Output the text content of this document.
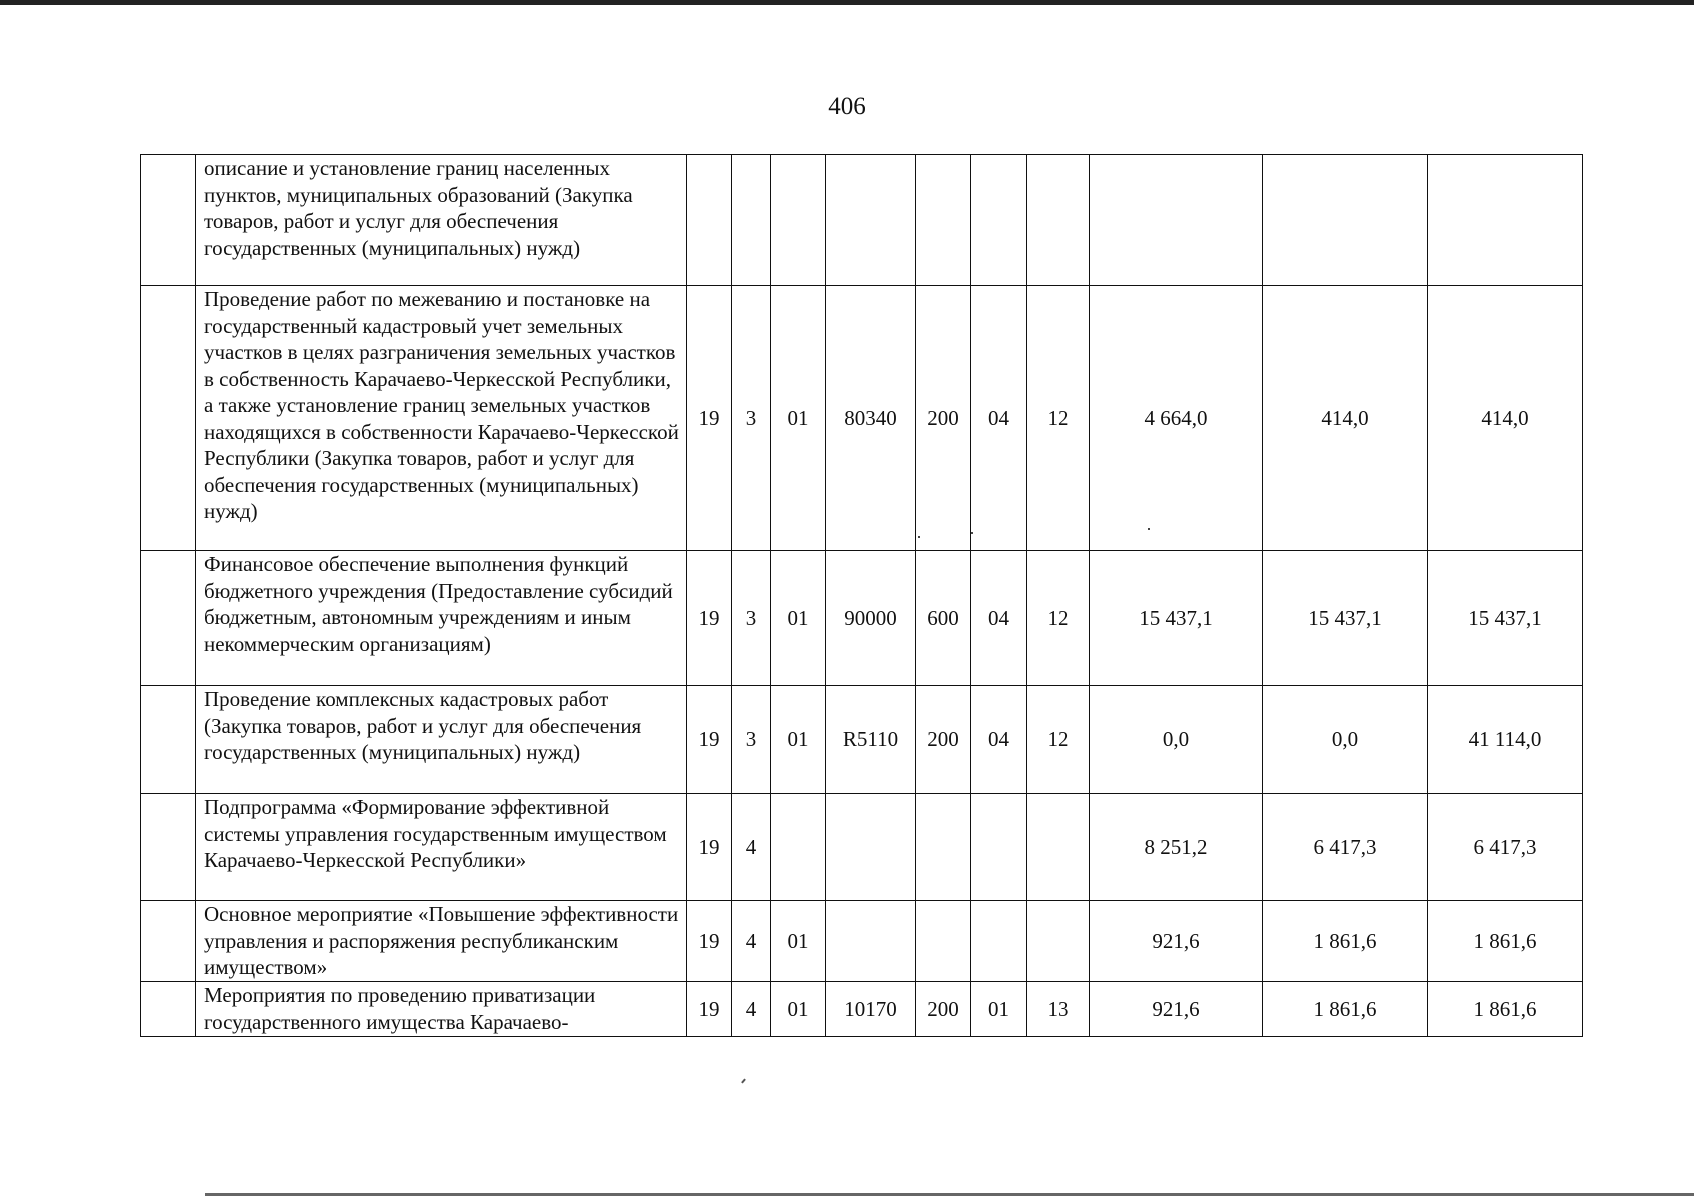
406
	описание и установление границ населенных пунктов, муниципальных образований (Закупка товаров, работ и услуг для обеспечения государственных (муниципальных) нужд)										
	Проведение работ по межеванию и постановке на государственный кадастровый учет земельных участков в целях разграничения земельных участков в собственность Карачаево-Черкесской Республики, а также установление границ земельных участков находящихся в собственности Карачаево-Черкесской Республики (Закупка товаров, работ и услуг для обеспечения государственных (муниципальных) нужд)	19	3	01	80340	200	04	12	4 664,0	414,0	414,0
	Финансовое обеспечение выполнения функций бюджетного учреждения (Предоставление субсидий бюджетным, автономным учреждениям и иным некоммерческим организациям)	19	3	01	90000	600	04	12	15 437,1	15 437,1	15 437,1
	Проведение комплексных кадастровых работ (Закупка товаров, работ и услуг для обеспечения государственных (муниципальных) нужд)	19	3	01	R5110	200	04	12	0,0	0,0	41 114,0
	Подпрограмма «Формирование эффективной системы управления государственным имуществом Карачаево-Черкесской Республики»	19	4						8 251,2	6 417,3	6 417,3
	Основное мероприятие «Повышение эффективности управления и распоряжения республиканским имуществом»	19	4	01					921,6	1 861,6	1 861,6
	Мероприятия по проведению приватизации государственного имущества Карачаево-	19	4	01	10170	200	01	13	921,6	1 861,6	1 861,6
